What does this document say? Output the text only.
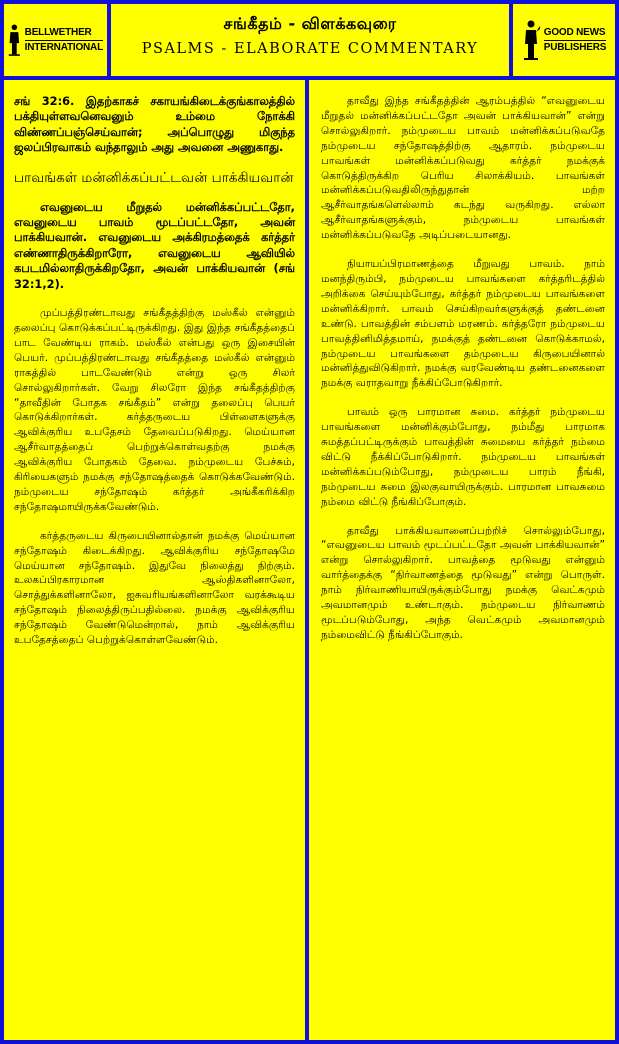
BELLWETHER
INTERNATIONAL
சங்கீதம் - விளக்கவுரை
PSALMS - ELABORATE COMMENTARY
GOOD NEWS
PUBLISHERS

சங் 32:6. இதற்காகச் சகாயங்கிடைக்குங்காலத்தில் பக்தியுள்ளவனெவனும் உம்மை நோக்கி விண்ணப்பஞ்செய்வான்; அப்பொழுது மிகுந்த ஜலப்பிரவாகம் வந்தாலும் அது அவனை அணுகாது.

பாவங்கள் மன்னிக்கப்பட்டவன் பாக்கியவான்

எவனுடைய மீறுதல் மன்னிக்கப்பட்டதோ, எவனுடைய பாவம் மூடப்பட்டதோ, அவன் பாக்கியவான். எவனுடைய அக்கிரமத்தைக் கர்த்தர் எண்ணாதிருக்கிறாரோ, எவனுடைய ஆவியில் கபடமில்லாதிருக்கிறதோ, அவன் பாக்கியவான் (சங் 32:1,2).

முப்பத்திரண்டாவது சங்கீதத்திற்கு மஸ்கீல் என்னும் தலைப்பு கொடுக்கப்பட்டிருக்கிறது. இது இந்த சங்கீதத்தைப் பாட வேண்டிய ராகம். மஸ்கீல் என்பது ஒரு இசையின் பெயர். முப்பத்திரண்டாவது சங்கீதத்தை மஸ்கீல் என்னும் ராகத்தில் பாடவேண்டும் என்று ஒரு சிலர் சொல்லுகிறார்கள். வேறு சிலரோ இந்த சங்கீதத்திற்கு “தாவீதின் போதக சங்கீதம்” என்று தலைப்பு பெயர் கொடுக்கிறார்கள். கர்த்தருடைய பிள்ளைகளுக்கு ஆவிக்குரிய உபதேசம் தேவைப்படுகிறது. மெய்யான ஆசீர்வாதத்தைப் பெற்றுக்கொள்வதற்கு நமக்கு ஆவிக்குரிய போதகம் தேவை. நம்முடைய பேச்சும், கிரியைகளும் நமக்கு சந்தோஷத்தைக் கொடுக்கவேண்டும். நம்முடைய சந்தோஷம் கர்த்தர் அங்கீகரிக்கிற சந்தோஷமாயிருக்கவேண்டும்.

கர்த்தருடைய கிருபையினால்தான் நமக்கு மெய்யான சந்தோஷம் கிடைக்கிறது. ஆவிக்குரிய சந்தோஷமே மெய்யான சந்தோஷம். இதுவே நிலைத்து நிற்கும். உலகப்பிரகாரமான ஆஸ்திகளினாலோ, சொத்துக்களினாலோ, ஐசுவரியங்களினாலோ வரக்கூடிய சந்தோஷம் நிலைத்திருப்பதில்லை. நமக்கு ஆவிக்குரிய சந்தோஷம் வேண்டுமென்றால், நாம் ஆவிக்குரிய உபதேசத்தைப் பெற்றுக்கொள்ளவேண்டும்.

தாவீது இந்த சங்கீதத்தின் ஆரம்பத்தில் “எவனுடைய மீறுதல் மன்னிக்கப்பட்டதோ அவன் பாக்கியவான்” என்று சொல்லுகிறார். நம்முடைய பாவம் மன்னிக்கப்படுவதே நம்முடைய சந்தோஷத்திற்கு ஆதாரம். நம்முடைய பாவங்கள் மன்னிக்கப்படுவது கர்த்தர் நமக்குக் கொடுத்திருக்கிற பெரிய சிலாக்கியம். பாவங்கள் மன்னிக்கப்படுவதிலிருந்துதான் மற்ற ஆசீர்வாதங்களெல்லாம் கடந்து வருகிறது. எல்லா ஆசீர்வாதங்களுக்கும், நம்முடைய பாவங்கள் மன்னிக்கப்படுவதே அடிப்படையானது.

நியாயப்பிரமாணத்தை மீறுவது பாவம். நாம் மனந்திரும்பி, நம்முடைய பாவங்களை கர்த்தரிடத்தில் அறிக்கை செய்யும்போது, கர்த்தர் நம்முடைய பாவங்களை மன்னிக்கிறார். பாவம் செய்கிறவர்களுக்குத் தண்டனை உண்டு. பாவத்தின் சம்பளம் மரணம். கர்த்தரோ நம்முடைய பாவத்தினிமித்தமாய், நமக்குத் தண்டனை கொடுக்காமல், நம்முடைய பாவங்களை தம்முடைய கிருபையினால் மன்னித்துவிடுகிறார். நமக்கு வரவேண்டிய தண்டனைகளை நமக்கு வராதவாறு நீக்கிப்போடுகிறார்.

பாவம் ஒரு பாரமான சுமை. கர்த்தர் நம்முடைய பாவங்களை மன்னிக்கும்போது, நம்மீது பாரமாக சுமத்தப்பட்டிருக்கும் பாவத்தின் சுமையை கர்த்தர் நம்மை விட்டு நீக்கிப்போடுகிறார். நம்முடைய பாவங்கள் மன்னிக்கப்படும்போது, நம்முடைய பாரம் நீங்கி, நம்முடைய சுமை இலகுவாயிருக்கும். பாரமான பாவசுமை நம்மை விட்டு நீங்கிப்போகும்.

தாவீது பாக்கியவானைப்பற்றிச் சொல்லும்போது, “எவனுடைய பாவம் மூடப்பட்டதோ அவன் பாக்கியவான்” என்று சொல்லுகிறார். பாவத்தை மூடுவது என்னும் வார்த்தைக்கு “நிர்வாணத்தை மூடுவது” என்று பொருள். நாம் நிர்வாணியாயிருக்கும்போது நமக்கு வெட்கமும் அவமானமும் உண்டாகும். நம்முடைய நிர்வாணம் மூடப்படும்போது, அந்த வெட்கமும் அவமானமும் நம்மைவிட்டு நீங்கிப்போகும்.
